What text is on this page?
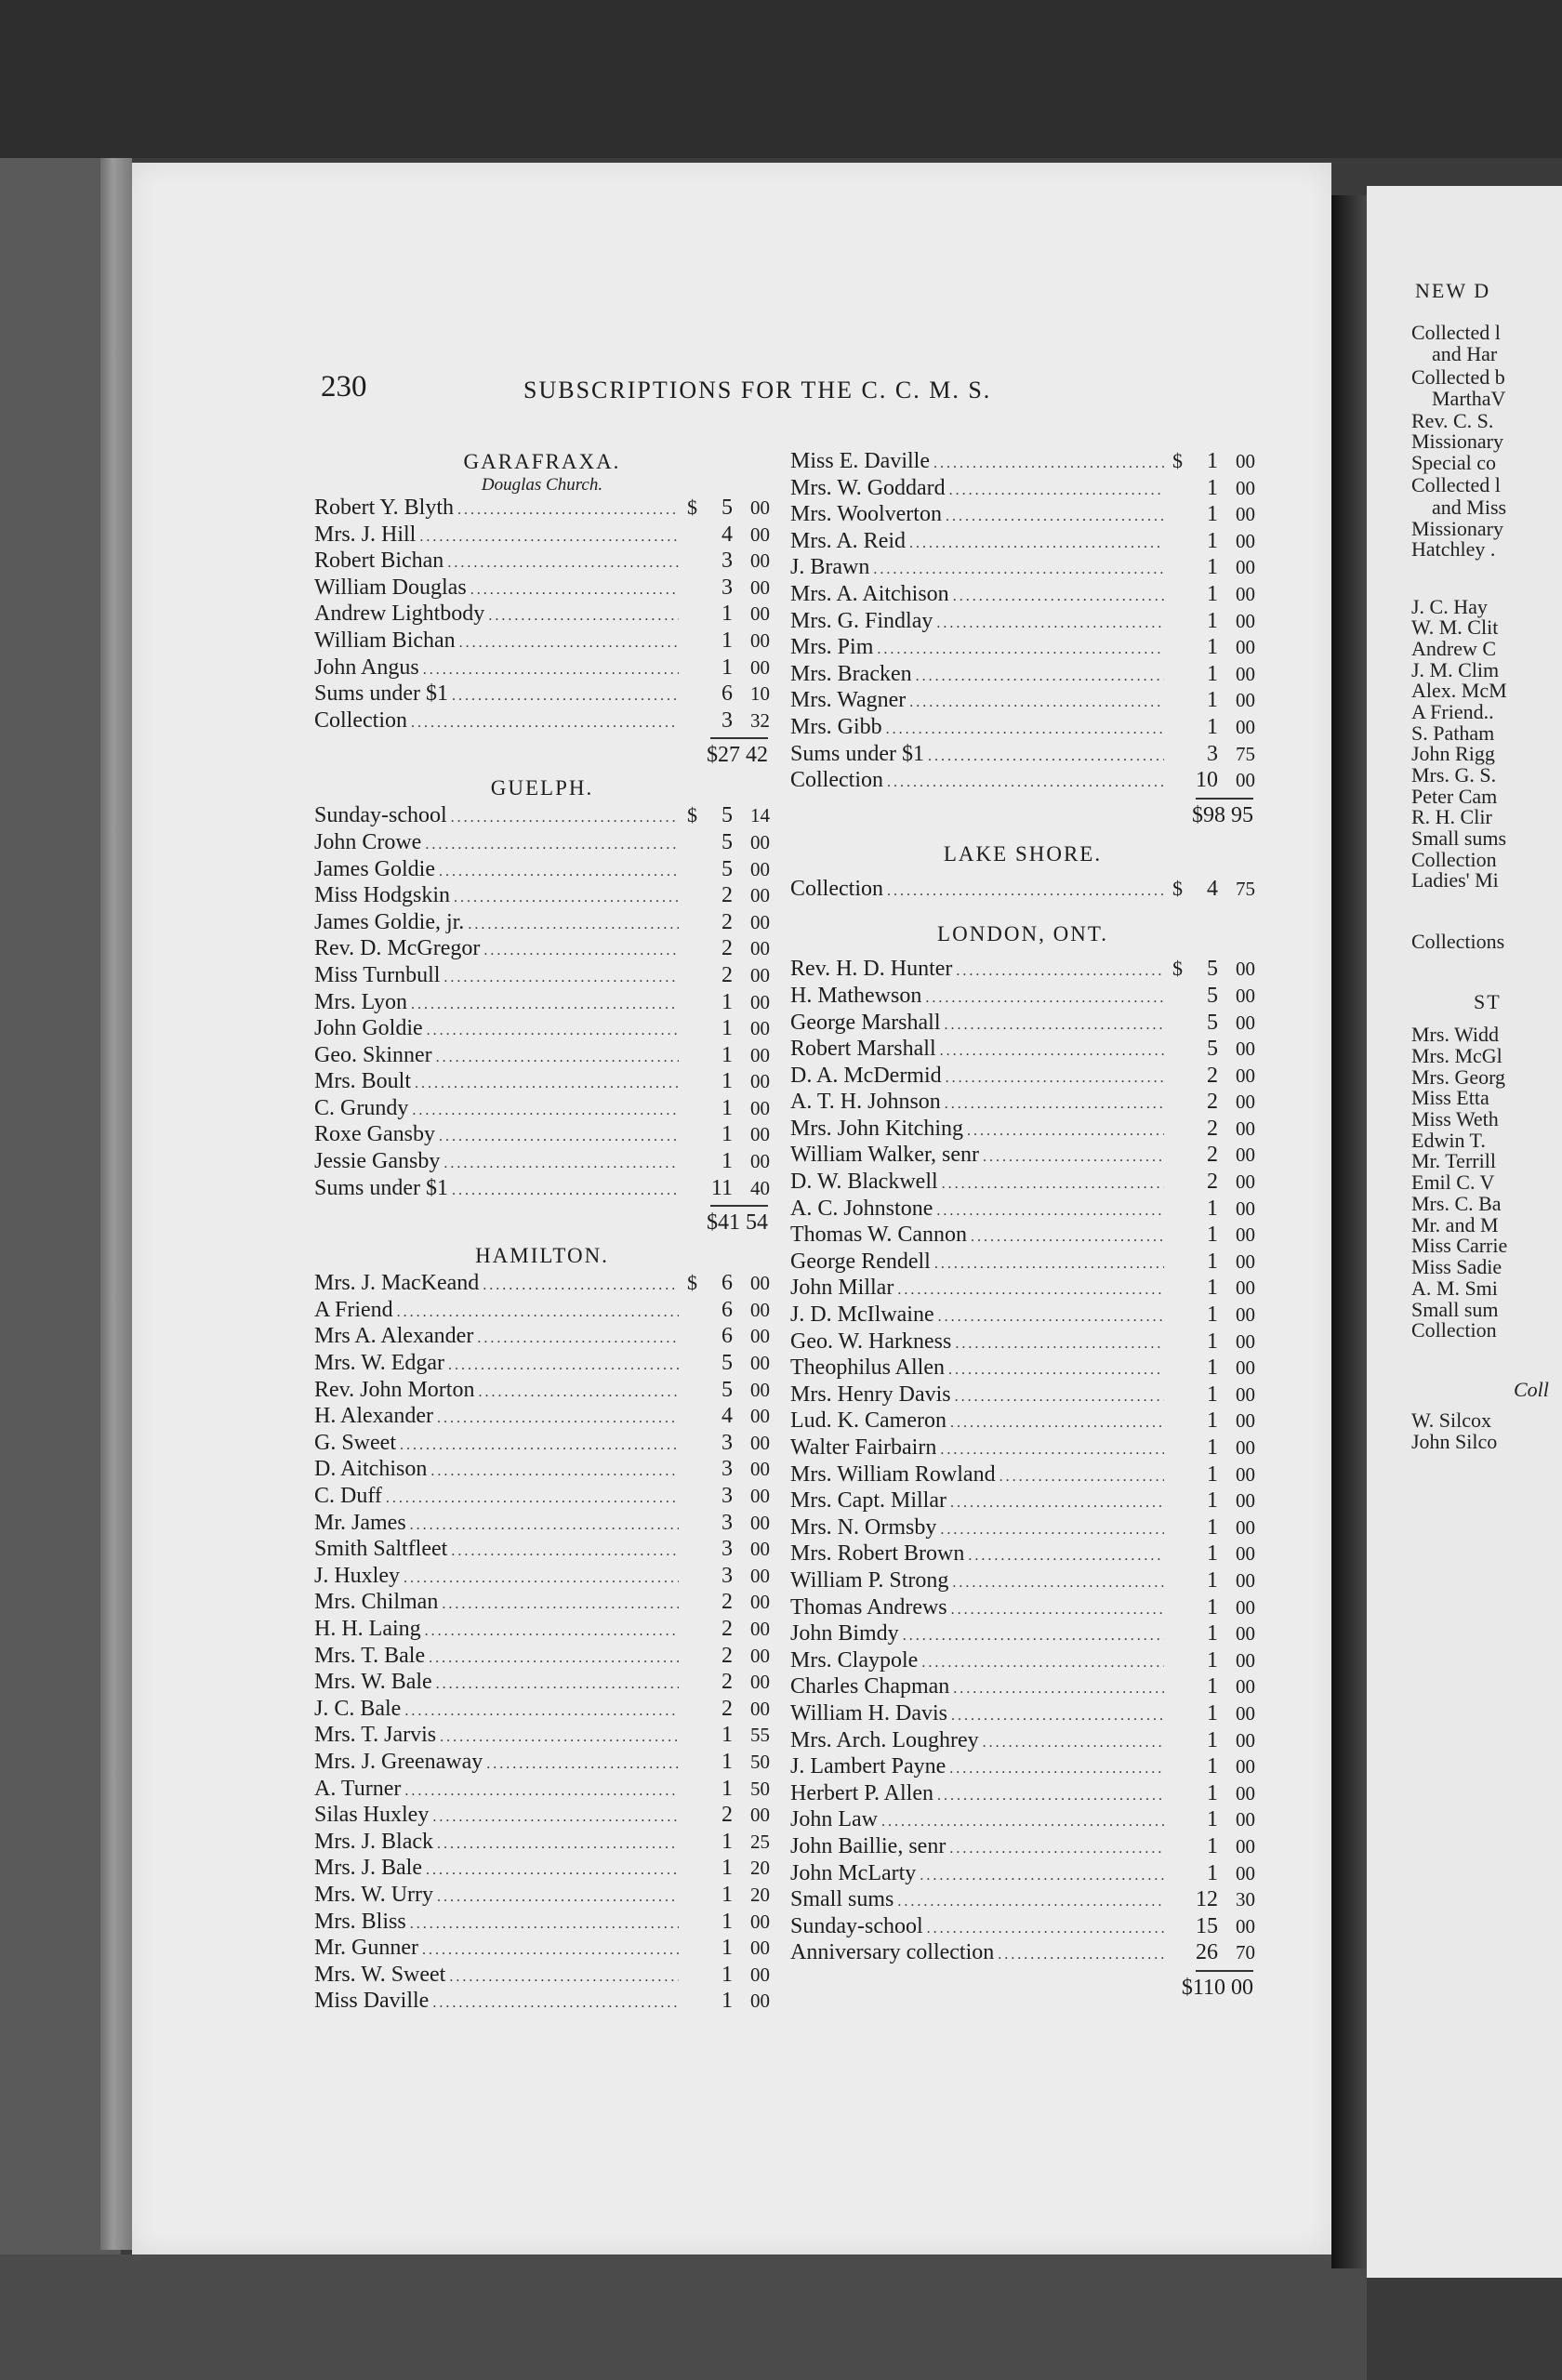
230	SUBSCRIPTIONS FOR THE C. C. M. S.
GARAFRAXA.
Douglas Church.
Robert Y. Blyth .....	$	5 00
Mrs. J. Hill .....	4 00
Robert Bichan .....	3 00
William Douglas .....	3 00
Andrew Lightbody .....	1 00
William Bichan .....	1 00
John Angus .....	1 00
Sums under $1 .....	6 10
Collection .....	3 32
$27 42
GUELPH.
Sunday-school .....	$	5 14
John Crowe .....	5 00
James Goldie .....	5 00
Miss Hodgskin .....	2 00
James Goldie, jr. .....	2 00
Rev. D. McGregor .....	2 00
Miss Turnbull .....	2 00
Mrs. Lyon .....	1 00
John Goldie .....	1 00
Geo. Skinner .....	1 00
Mrs. Boult .....	1 00
C. Grundy .....	1 00
Roxe Gansby .....	1 00
Jessie Gansby .....	1 00
Sums under $1 .....	11 40
$41 54
HAMILTON.
Mrs. J. MacKeand .....	$	6 00
A Friend .....	6 00
Mrs A. Alexander .....	6 00
Mrs. W. Edgar .....	5 00
Rev. John Morton .....	5 00
H. Alexander .....	4 00
G. Sweet .....	3 00
D. Aitchison .....	3 00
C. Duff .....	3 00
Mr. James .....	3 00
Smith Saltfleet .....	3 00
J. Huxley .....	3 00
Mrs. Chilman .....	2 00
H. H. Laing .....	2 00
Mrs. T. Bale .....	2 00
Mrs. W. Bale .....	2 00
J. C. Bale .....	2 00
Mrs. T. Jarvis .....	1 55
Mrs. J. Greenaway .....	1 50
A. Turner .....	1 50
Silas Huxley .....	2 00
Mrs. J. Black .....	1 25
Mrs. J. Bale .....	1 20
Mrs. W. Urry .....	1 20
Mrs. Bliss .....	1 00
Mr. Gunner .....	1 00
Mrs. W. Sweet .....	1 00
Miss Daville .....	1 00
Miss E. Daville .....	$	1 00
Mrs. W. Goddard .....	1 00
Mrs. Woolverton .....	1 00
Mrs. A. Reid .....	1 00
J. Brawn .....	1 00
Mrs. A. Aitchison .....	1 00
Mrs. G. Findlay .....	1 00
Mrs. Pim .....	1 00
Mrs. Bracken .....	1 00
Mrs. Wagner .....	1 00
Mrs. Gibb .....	1 00
Sums under $1 .....	3 75
Collection .....	10 00
$98 95
LAKE SHORE.
Collection .....	$	4 75
LONDON, ONT.
Rev. H. D. Hunter .....	$	5 00
H. Mathewson .....	5 00
George Marshall .....	5 00
Robert Marshall .....	5 00
D. A. McDermid .....	2 00
A. T. H. Johnson .....	2 00
Mrs. John Kitching .....	2 00
William Walker, senr .....	2 00
D. W. Blackwell .....	2 00
A. C. Johnstone .....	1 00
Thomas W. Cannon .....	1 00
George Rendell .....	1 00
John Millar .....	1 00
J. D. McIlwaine .....	1 00
Geo. W. Harkness .....	1 00
Theophilus Allen .....	1 00
Mrs. Henry Davis .....	1 00
Lud. K. Cameron .....	1 00
Walter Fairbairn .....	1 00
Mrs. William Rowland .....	1 00
Mrs. Capt. Millar .....	1 00
Mrs. N. Ormsby .....	1 00
Mrs. Robert Brown .....	1 00
William P. Strong .....	1 00
Thomas Andrews .....	1 00
John Bimdy .....	1 00
Mrs. Claypole .....	1 00
Charles Chapman .....	1 00
William H. Davis .....	1 00
Mrs. Arch. Loughrey .....	1 00
J. Lambert Payne .....	1 00
Herbert P. Allen .....	1 00
John Law .....	1 00
John Baillie, senr .....	1 00
John McLarty .....	1 00
Small sums .....	12 30
Sunday-school .....	15 00
Anniversary collection .....	26 70
$110 00
NEW D
Collected l
and Har
Collected b
MarthaV
Rev. C. S.
Missionary
Special co
Collected l
and Miss
Missionary
Hatchley .
J. C. Hay
W. M. Clit
Andrew C
J. M. Clim
Alex. McM
A Friend..
S. Patham
John Rigg
Mrs. G. S.
Peter Cam
R. H. Clir
Small sums
Collection
Ladies' Mi
Collections
ST
Mrs. Widd
Mrs. McGl
Mrs. Georg
Miss Etta
Miss Weth
Edwin T.
Mr. Terrill
Emil C. V
Mrs. C. Ba
Mr. and M
Miss Carrie
Miss Sadie
A. M. Smi
Small sum
Collection
Coll
W. Silcox
John Silco
